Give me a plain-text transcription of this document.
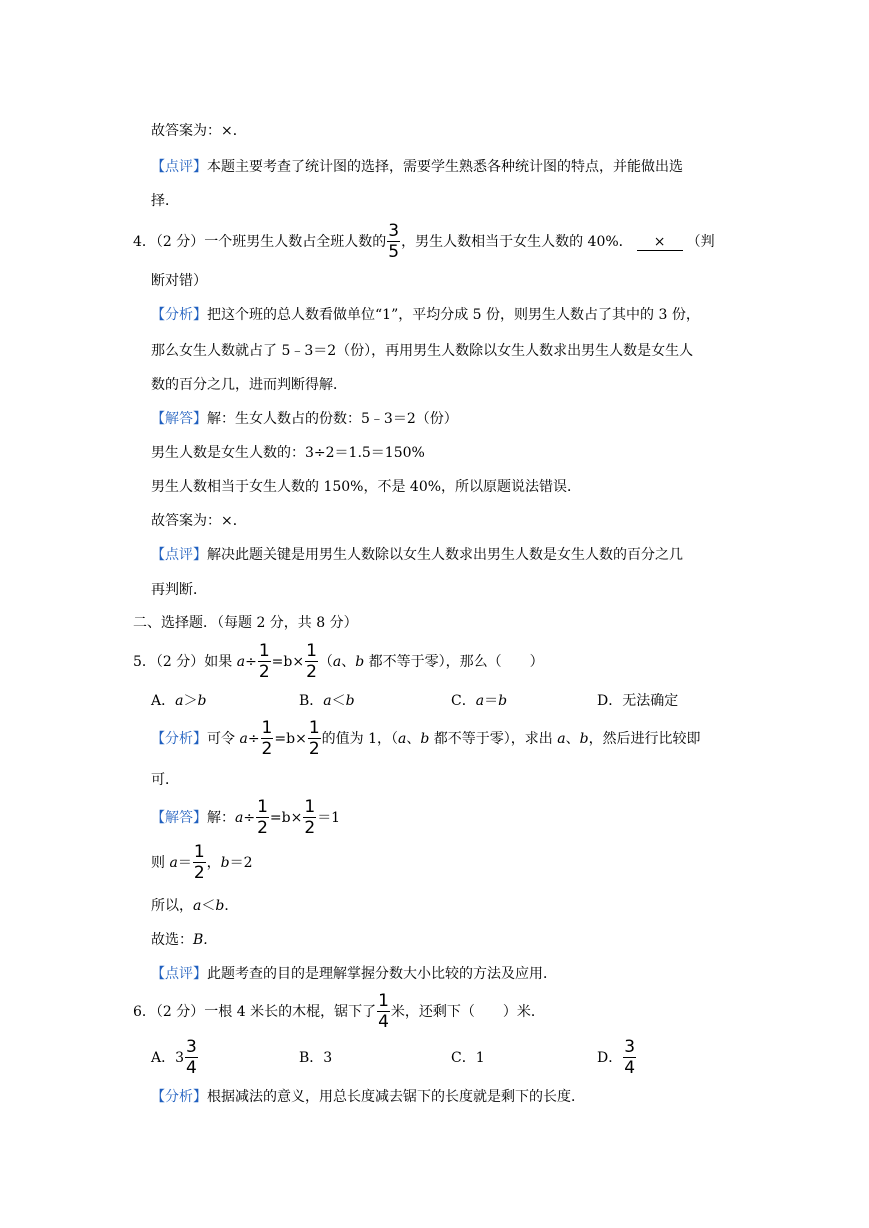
故答案为：×．
【点评】本题主要考查了统计图的选择，需要学生熟悉各种统计图的特点，并能做出选
择．
4．（2 分）一个班男生人数占全班人数的 $\frac{3}{5}$ ，男生人数相当于女生人数的 40%． × （判
断对错）
【分析】把这个班的总人数看做单位“1”，平均分成 5 份，则男生人数占了其中的 3 份，
那么女生人数就占了 5﹣3＝2（份），再用男生人数除以女生人数求出男生人数是女生人
数的百分之几，进而判断得解．
【解答】解：生女人数占的份数：5﹣3＝2（份）
男生人数是女生人数的：3÷2＝1.5＝150%
男生人数相当于女生人数的 150%，不是 40%，所以原题说法错误．
故答案为：×．
【点评】解决此题关键是用男生人数除以女生人数求出男生人数是女生人数的百分之几
再判断．
二、选择题．（每题 2 分，共 8 分）
5．（2 分）如果 $a\div \frac{1}{2} =b\times \frac{1}{2} (a$、b 都不等于零），那么（　　）
A．a＞b	B．a＜b	C．a＝b	D．无法确定
【分析】可令 $a\div \frac{1}{2} =b\times \frac{1}{2}$ 的值为 1，（a、b 都不等于零），求出 a、b，然后进行比较即
可．
【解答】解：$a\div \frac{1}{2} =b\times \frac{1}{2} =1$
则 $a= \frac{1}{2}$ ，b＝2
所以，a＜b．
故选：B.
【点评】此题考查的目的是理解掌握分数大小比较的方法及应用．
6．（2 分）一根 4 米长的木棍，锯下了 $\frac{1}{4}$ 米，还剩下（　　）米．
A．$3 \frac{3}{4}$	B．3	C．1	D． $\frac{3}{4}$
【分析】根据减法的意义，用总长度减去锯下的长度就是剩下的长度．
